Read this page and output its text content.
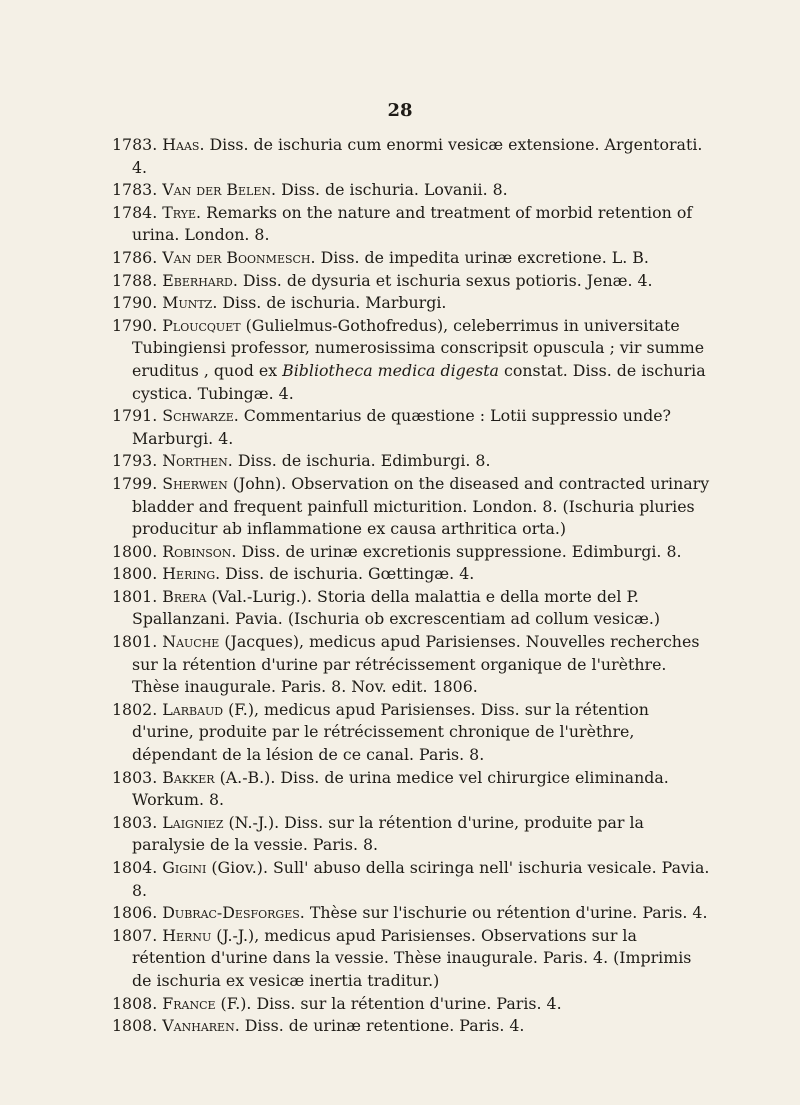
28
1783. Haas. Diss. de ischuria cum enormi vesicæ extensione. Argentorati. 4.
1783. Van der Belen. Diss. de ischuria. Lovanii. 8.
1784. Trye. Remarks on the nature and treatment of morbid retention of urina. London. 8.
1786. Van der Boonmesch. Diss. de impedita urinæ excretione. L. B.
1788. Eberhard. Diss. de dysuria et ischuria sexus potioris. Jenæ. 4.
1790. Muntz. Diss. de ischuria. Marburgi.
1790. Ploucquet (Gulielmus-Gothofredus), celeberrimus in universitate Tubingiensi professor, numerosissima conscripsit opuscula ; vir summe eruditus , quod ex Bibliotheca medica digesta constat. Diss. de ischuria cystica. Tubingæ. 4.
1791. Schwarze. Commentarius de quæstione : Lotii suppressio unde? Marburgi. 4.
1793. Northen. Diss. de ischuria. Edimburgi. 8.
1799. Sherwen (John). Observation on the diseased and contracted urinary bladder and frequent painfull micturition. London. 8. (Ischuria pluries producitur ab inflammatione ex causa arthritica orta.)
1800. Robinson. Diss. de urinæ excretionis suppressione. Edimburgi. 8.
1800. Hering. Diss. de ischuria. Gœttingæ. 4.
1801. Brera (Val.-Lurig.). Storia della malattia e della morte del P. Spallanzani. Pavia. (Ischuria ob excrescentiam ad collum vesicæ.)
1801. Nauche (Jacques), medicus apud Parisienses. Nouvelles recherches sur la rétention d'urine par rétrécissement organique de l'urèthre. Thèse inaugurale. Paris. 8. Nov. edit. 1806.
1802. Larbaud (F.), medicus apud Parisienses. Diss. sur la rétention d'urine, produite par le rétrécissement chronique de l'urèthre, dépendant de la lésion de ce canal. Paris. 8.
1803. Bakker (A.-B.). Diss. de urina medice vel chirurgice eliminanda. Workum. 8.
1803. Laigniez (N.-J.). Diss. sur la rétention d'urine, produite par la paralysie de la vessie. Paris. 8.
1804. Gigini (Giov.). Sull' abuso della sciringa nell' ischuria vesicale. Pavia. 8.
1806. Dubrac-Desforges. Thèse sur l'ischurie ou rétention d'urine. Paris. 4.
1807. Hernu (J.-J.), medicus apud Parisienses. Observations sur la rétention d'urine dans la vessie. Thèse inaugurale. Paris. 4. (Imprimis de ischuria ex vesicæ inertia traditur.)
1808. France (F.). Diss. sur la rétention d'urine. Paris. 4.
1808. Vanharen. Diss. de urinæ retentione. Paris. 4.
